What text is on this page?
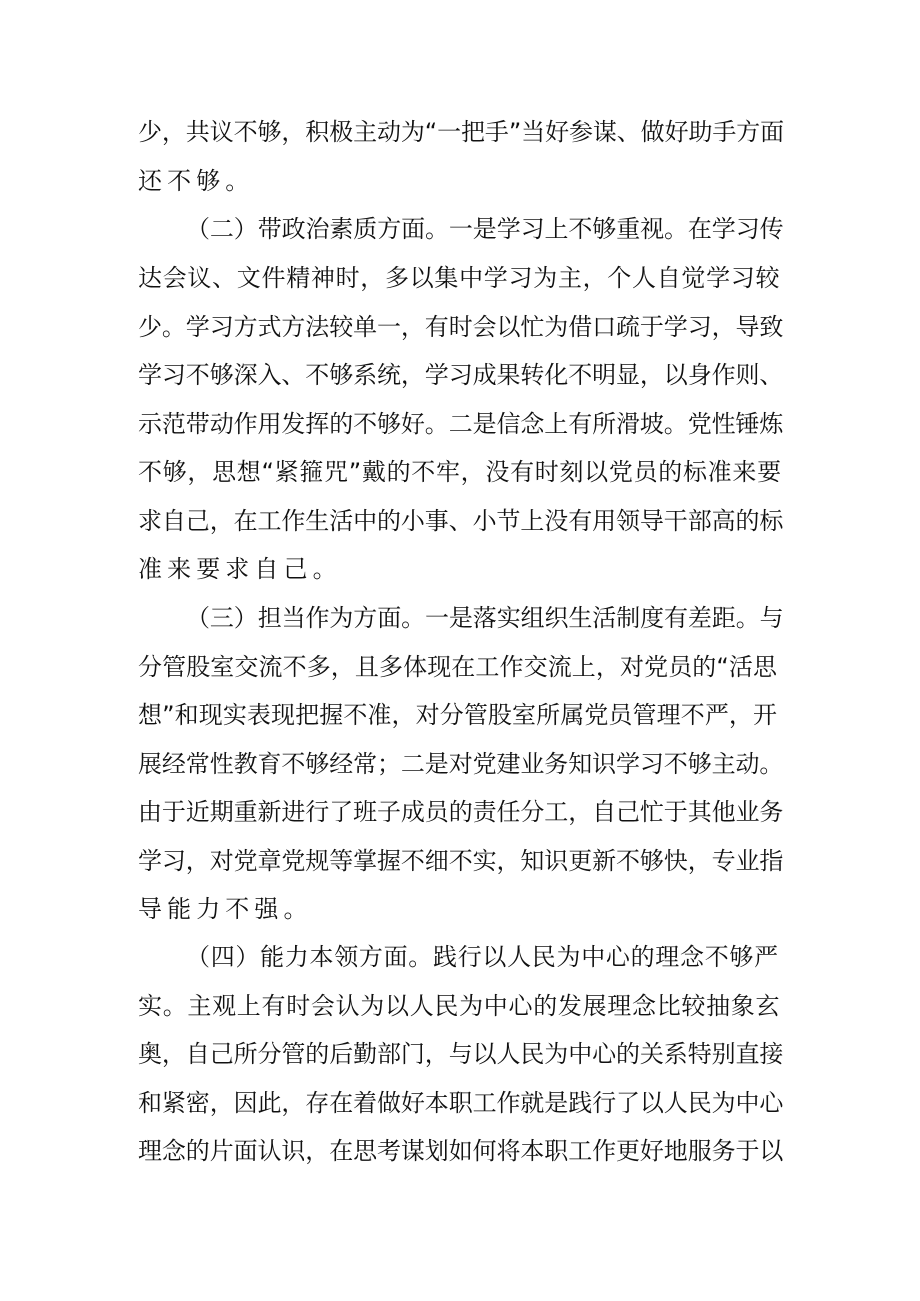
少，共议不够，积极主动为“一把手”当好参谋、做好助手方面
还不够。
（二）带政治素质方面。一是学习上不够重视。在学习传
达会议、文件精神时，多以集中学习为主，个人自觉学习较
少。学习方式方法较单一，有时会以忙为借口疏于学习，导致
学习不够深入、不够系统，学习成果转化不明显，以身作则、
示范带动作用发挥的不够好。二是信念上有所滑坡。党性锤炼
不够，思想“紧箍咒”戴的不牢，没有时刻以党员的标准来要
求自己，在工作生活中的小事、小节上没有用领导干部高的标
准来要求自己。
（三）担当作为方面。一是落实组织生活制度有差距。与
分管股室交流不多，且多体现在工作交流上，对党员的“活思
想”和现实表现把握不准，对分管股室所属党员管理不严，开
展经常性教育不够经常；二是对党建业务知识学习不够主动。
由于近期重新进行了班子成员的责任分工，自己忙于其他业务
学习，对党章党规等掌握不细不实，知识更新不够快，专业指
导能力不强。
（四）能力本领方面。践行以人民为中心的理念不够严
实。主观上有时会认为以人民为中心的发展理念比较抽象玄
奥，自己所分管的后勤部门，与以人民为中心的关系特别直接
和紧密，因此，存在着做好本职工作就是践行了以人民为中心
理念的片面认识，在思考谋划如何将本职工作更好地服务于以
